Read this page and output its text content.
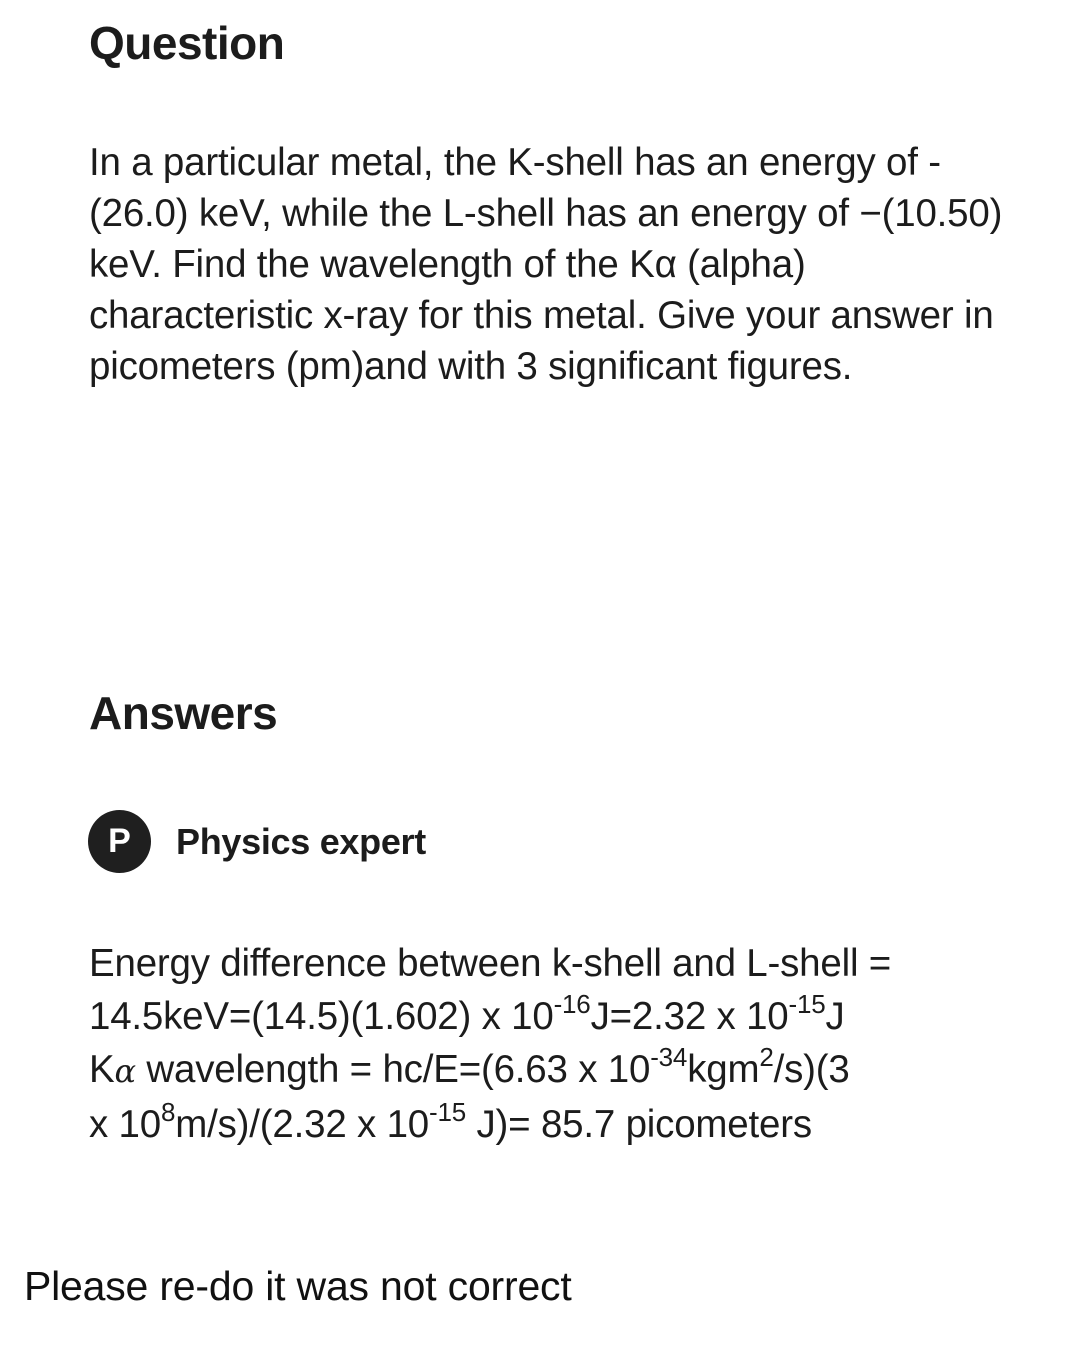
Question

In a particular metal, the K-shell has an energy of -(26.0) keV, while the L-shell has an energy of −(10.50) keV. Find the wavelength of the Kα (alpha) characteristic x-ray for this metal. Give your answer in picometers (pm)and with 3 significant figures.

Answers
P Physics expert
Energy difference between k-shell and L-shell =
14.5keV=(14.5)(1.602) x $10^{-16}J=2.32$ x $10^{-15}J$
Kα wavelength = hc/E=(6.63 x $10^{-34}kgm^2/s)(3$
x $10^8m/s)/(2.32$ x $10^{-15}$ J)= 85.7 picometers
Please re-do it was not correct
